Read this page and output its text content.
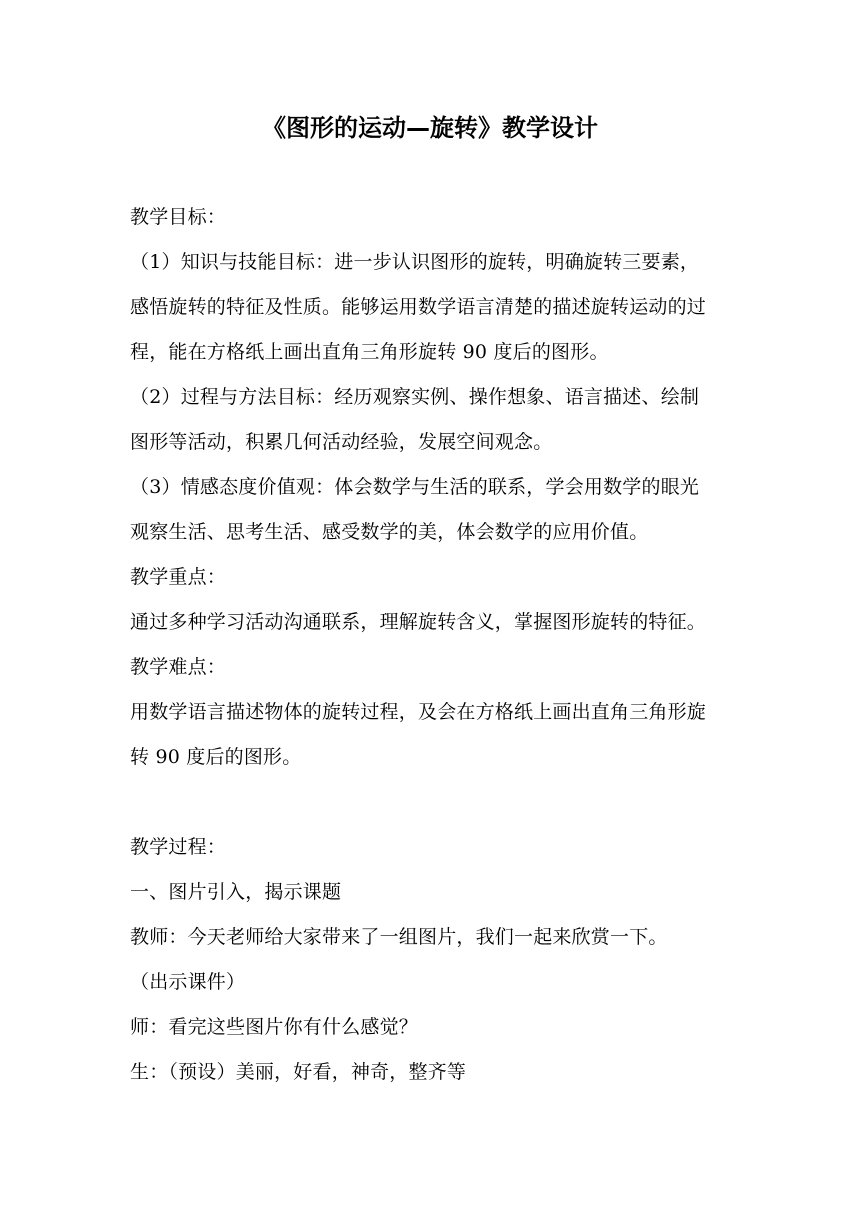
《图形的运动—旋转》教学设计
教学目标：
（1）知识与技能目标：进一步认识图形的旋转，明确旋转三要素，
感悟旋转的特征及性质。能够运用数学语言清楚的描述旋转运动的过
程，能在方格纸上画出直角三角形旋转 90 度后的图形。
（2）过程与方法目标：经历观察实例、操作想象、语言描述、绘制
图形等活动，积累几何活动经验，发展空间观念。
（3）情感态度价值观：体会数学与生活的联系，学会用数学的眼光
观察生活、思考生活、感受数学的美，体会数学的应用价值。
教学重点：
通过多种学习活动沟通联系，理解旋转含义，掌握图形旋转的特征。
教学难点：
用数学语言描述物体的旋转过程，及会在方格纸上画出直角三角形旋
转 90 度后的图形。
教学过程：
一、图片引入，揭示课题
教师：今天老师给大家带来了一组图片，我们一起来欣赏一下。
（出示课件）
师：看完这些图片你有什么感觉？
生：（预设）美丽，好看，神奇，整齐等
